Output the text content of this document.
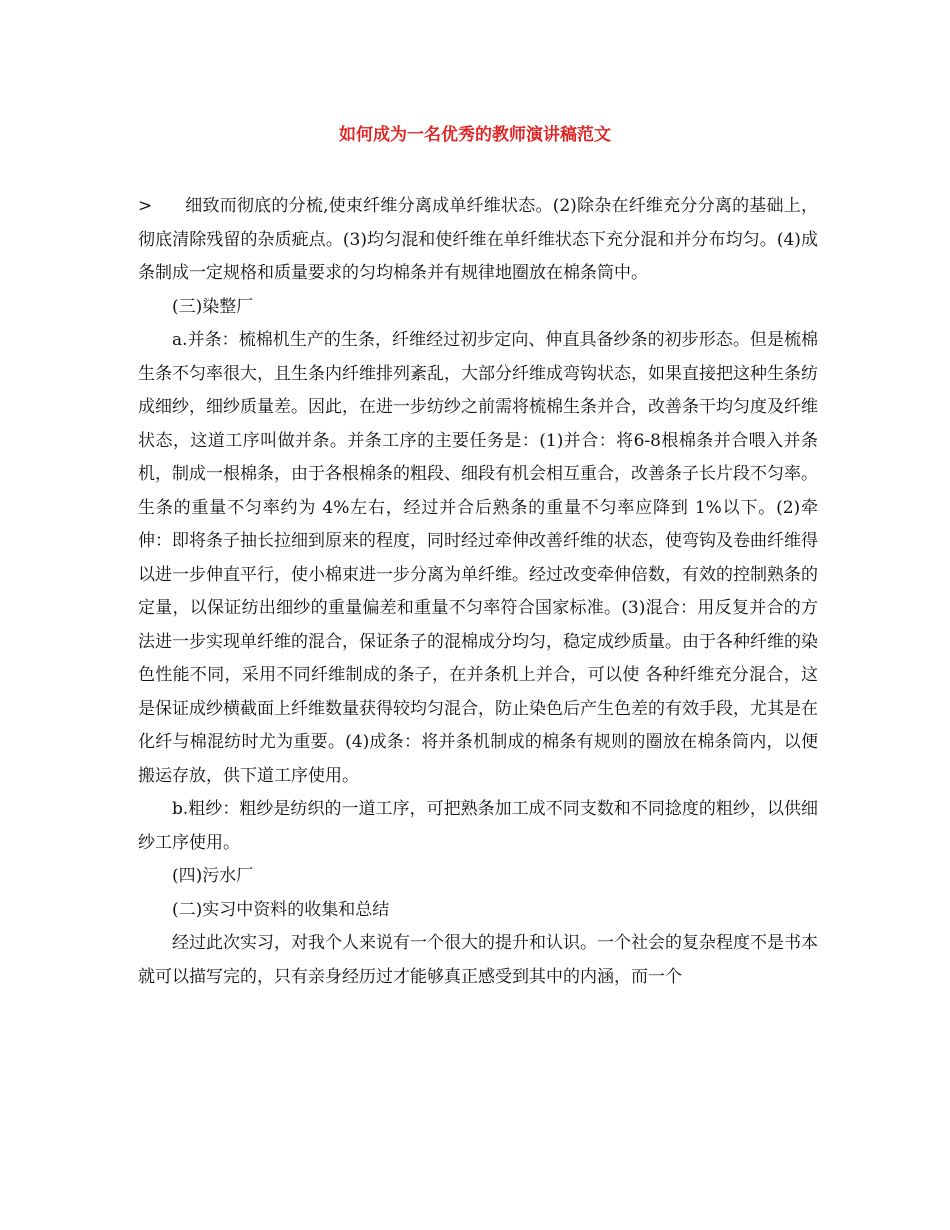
如何成为一名优秀的教师演讲稿范文

> 细致而彻底的分梳,使束纤维分离成单纤维状态。(2)除杂在纤维充分分离的基础上，彻底清除残留的杂质疵点。(3)均匀混和使纤维在单纤维状态下充分混和并分布均匀。(4)成条制成一定规格和质量要求的匀均棉条并有规律地圈放在棉条筒中。

(三)染整厂

a.并条：梳棉机生产的生条，纤维经过初步定向、伸直具备纱条的初步形态。但是梳棉生条不匀率很大，且生条内纤维排列紊乱，大部分纤维成弯钩状态，如果直接把这种生条纺成细纱，细纱质量差。因此，在进一步纺纱之前需将梳棉生条并合，改善条干均匀度及纤维状态，这道工序叫做并条。并条工序的主要任务是：(1)并合：将6-8根棉条并合喂入并条机，制成一根棉条，由于各根棉条的粗段、细段有机会相互重合，改善条子长片段不匀率。生条的重量不匀率约为 4%左右，经过并合后熟条的重量不匀率应降到 1%以下。(2)牵伸：即将条子抽长拉细到原来的程度，同时经过牵伸改善纤维的状态，使弯钩及卷曲纤维得以进一步伸直平行，使小棉束进一步分离为单纤维。经过改变牵伸倍数，有效的控制熟条的定量，以保证纺出细纱的重量偏差和重量不匀率符合国家标准。(3)混合：用反复并合的方法进一步实现单纤维的混合，保证条子的混棉成分均匀，稳定成纱质量。由于各种纤维的染色性能不同，采用不同纤维制成的条子，在并条机上并合，可以使 各种纤维充分混合，这是保证成纱横截面上纤维数量获得较均匀混合，防止染色后产生色差的有效手段，尤其是在化纤与棉混纺时尤为重要。(4)成条：将并条机制成的棉条有规则的圈放在棉条筒内，以便搬运存放，供下道工序使用。

b.粗纱：粗纱是纺织的一道工序，可把熟条加工成不同支数和不同捻度的粗纱，以供细纱工序使用。

(四)污水厂

(二)实习中资料的收集和总结

经过此次实习，对我个人来说有一个很大的提升和认识。一个社会的复杂程度不是书本就可以描写完的，只有亲身经历过才能够真正感受到其中的内涵，而一个
